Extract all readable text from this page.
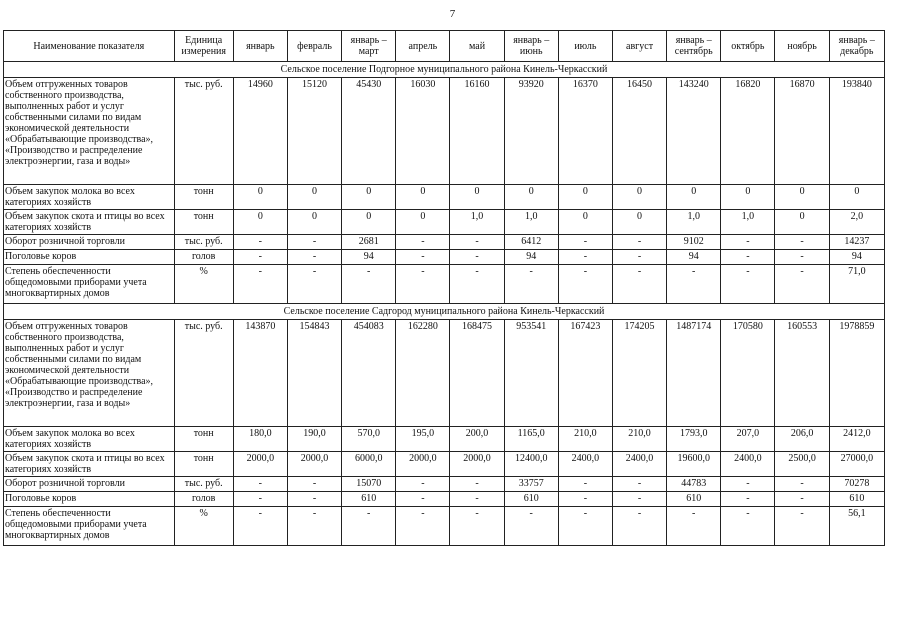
7
Наименование показателя	Единица измерения	январь	февраль	январь – март	апрель	май	январь – июнь	июль	август	январь – сентябрь	октябрь	ноябрь	январь – декабрь
Сельское поселение Подгорное муниципального района Кинель-Черкасский													
Объем отгруженных товаров собственного производства, выполненных работ и услуг собственными силами по видам экономической деятельности «Обрабатывающие производства», «Производство и распределение электроэнергии, газа и воды»	тыс. руб.	14960	15120	45430	16030	16160	93920	16370	16450	143240	16820	16870	193840
Объем закупок молока во всех категориях хозяйств	тонн	0	0	0	0	0	0	0	0	0	0	0	0
Объем закупок скота и птицы во всех категориях хозяйств	тонн	0	0	0	0	1,0	1,0	0	0	1,0	1,0	0	2,0
Оборот розничной торговли	тыс. руб.	-	-	2681	-	-	6412	-	-	9102	-	-	14237
Поголовье коров	голов	-	-	94	-	-	94	-	-	94	-	-	94
Степень обеспеченности общедомовыми приборами учета многоквартирных домов	%	-	-	-	-	-	-	-	-	-	-	-	71,0
Сельское поселение Садгород муниципального района Кинель-Черкасский													
Объем отгруженных товаров собственного производства, выполненных работ и услуг собственными силами по видам экономической деятельности «Обрабатывающие производства», «Производство и распределение электроэнергии, газа и воды»	тыс. руб.	143870	154843	454083	162280	168475	953541	167423	174205	1487174	170580	160553	1978859
Объем закупок молока во всех категориях хозяйств	тонн	180,0	190,0	570,0	195,0	200,0	1165,0	210,0	210,0	1793,0	207,0	206,0	2412,0
Объем закупок скота и птицы во всех категориях хозяйств	тонн	2000,0	2000,0	6000,0	2000,0	2000,0	12400,0	2400,0	2400,0	19600,0	2400,0	2500,0	27000,0
Оборот розничной торговли	тыс. руб.	-	-	15070	-	-	33757	-	-	44783	-	-	70278
Поголовье коров	голов	-	-	610	-	-	610	-	-	610	-	-	610
Степень обеспеченности общедомовыми приборами учета многоквартирных домов	%	-	-	-	-	-	-	-	-	-	-	-	56,1
